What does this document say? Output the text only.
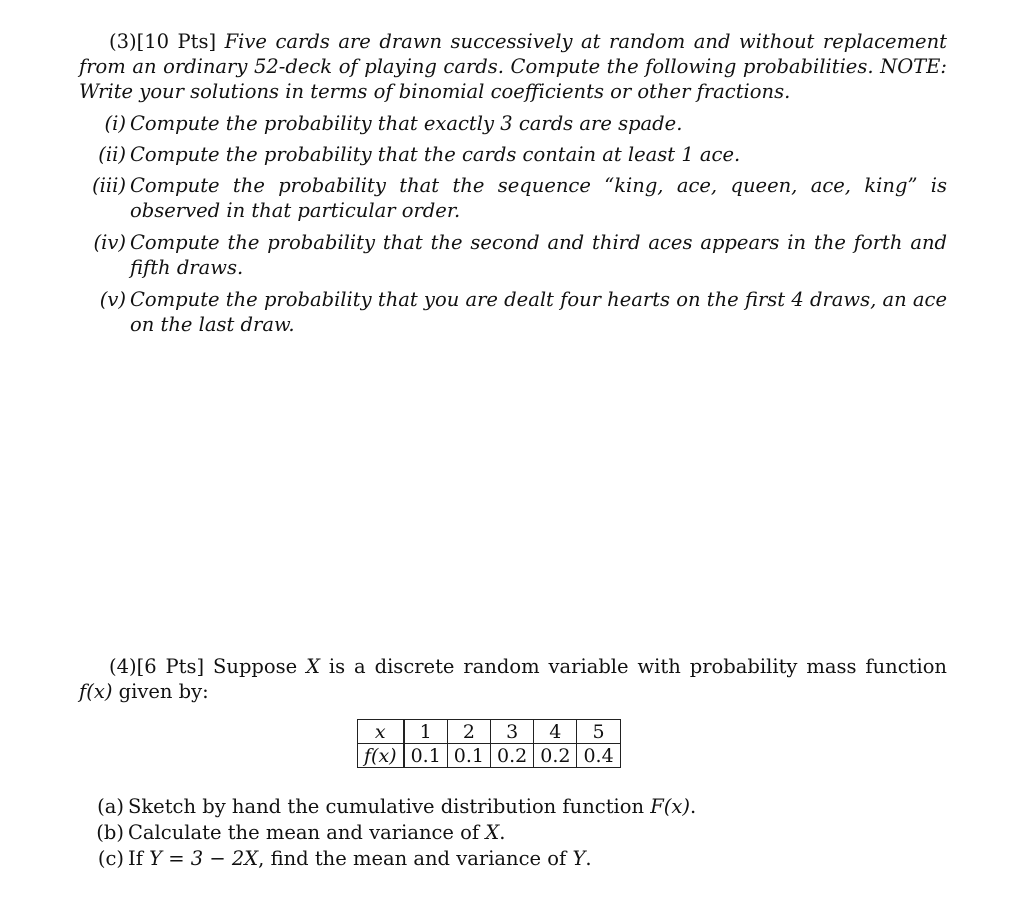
(3)[10 Pts] Five cards are drawn successively at random and without replacement from an ordinary 52-deck of playing cards. Compute the following probabilities. NOTE: Write your solutions in terms of binomial coefficients or other fractions.

(i) Compute the probability that exactly 3 cards are spade.
(ii) Compute the probability that the cards contain at least 1 ace.
(iii) Compute the probability that the sequence “king, ace, queen, ace, king” is observed in that particular order.
(iv) Compute the probability that the second and third aces appears in the forth and fifth draws.
(v) Compute the probability that you are dealt four hearts on the first 4 draws, an ace on the last draw.

(4)[6 Pts] Suppose X is a discrete random variable with probability mass function f(x) given by:

x	1	2	3	4	5
f(x)	0.1	0.1	0.2	0.2	0.4
(a) Sketch by hand the cumulative distribution function F(x).
(b) Calculate the mean and variance of X.
(c) If Y = 3 − 2X, find the mean and variance of Y.
